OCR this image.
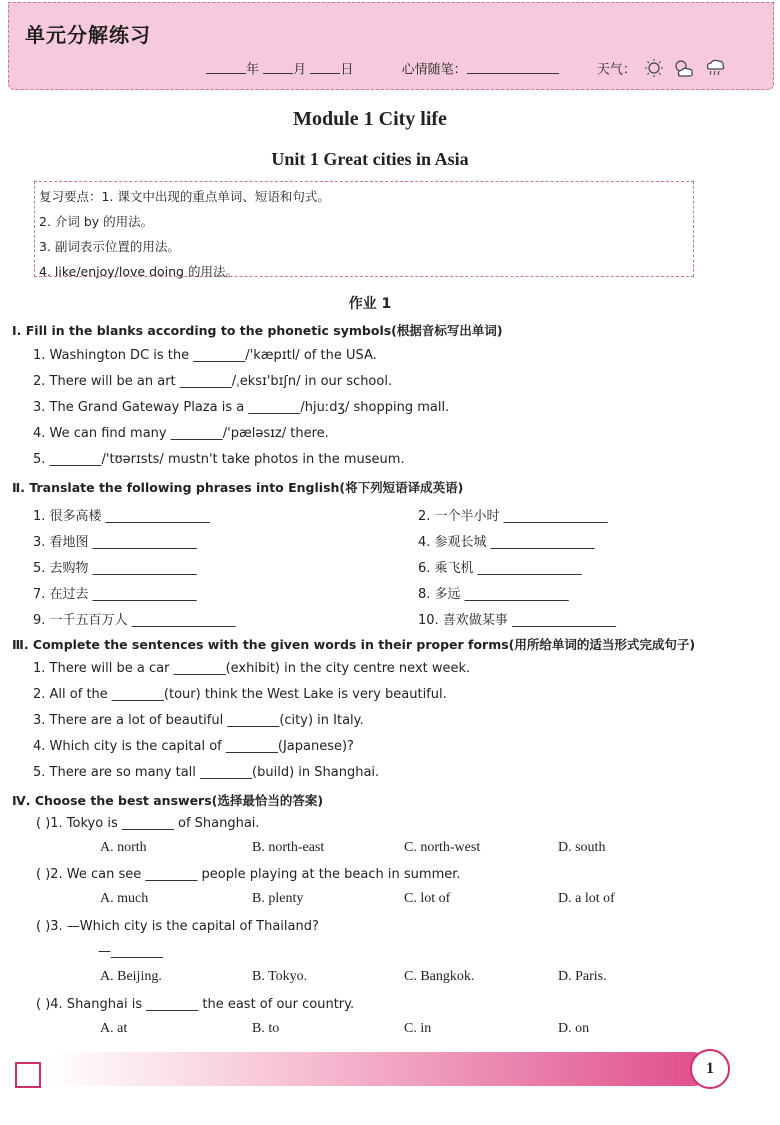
单元分解练习
年	月	日	心情随笔：	天气：
Module 1 City life
Unit 1 Great cities in Asia
复习要点：1. 课文中出现的重点单词、短语和句式。
2. 介词 by 的用法。
3. 副词表示位置的用法。
4. like/enjoy/love doing 的用法。
作业 1
Ⅰ. Fill in the blanks according to the phonetic symbols(根据音标写出单词)
1. Washington DC is the ________/'kæpɪtl/ of the USA.
2. There will be an art ________/ˌeksɪ'bɪʃn/ in our school.
3. The Grand Gateway Plaza is a ________/hjuːdʒ/ shopping mall.
4. We can find many ________/'pælәsɪz/ there.
5. ________/'tʊәrɪsts/ mustn't take photos in the museum.
Ⅱ. Translate the following phrases into English(将下列短语译成英语)
1. 很多高楼 ________________	2. 一个半小时 ________________
3. 看地图 ________________	4. 参观长城 ________________
5. 去购物 ________________	6. 乘飞机 ________________
7. 在过去 ________________	8. 多远 ________________
9. 一千五百万人 ________________	10. 喜欢做某事 ________________
Ⅲ. Complete the sentences with the given words in their proper forms(用所给单词的适当形式完成句子)
1. There will be a car ________(exhibit) in the city centre next week.
2. All of the ________(tour) think the West Lake is very beautiful.
3. There are a lot of beautiful ________(city) in Italy.
4. Which city is the capital of ________(Japanese)?
5. There are so many tall ________(build) in Shanghai.
Ⅳ. Choose the best answers(选择最恰当的答案)
( )1. Tokyo is ________ of Shanghai.
A. north	B. north-east	C. north-west	D. south
( )2. We can see ________ people playing at the beach in summer.
A. much	B. plenty	C. lot of	D. a lot of
( )3. —Which city is the capital of Thailand?
—________
A. Beijing.	B. Tokyo.	C. Bangkok.	D. Paris.
( )4. Shanghai is ________ the east of our country.
A. at	B. to	C. in	D. on
1
